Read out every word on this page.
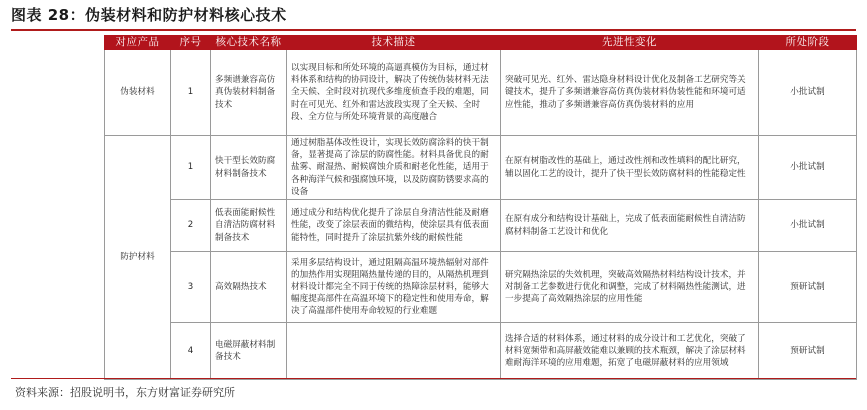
图表 28：伪装材料和防护材料核心技术
对应产品	序号	核心技术名称	技术描述	先进性变化	所处阶段
伪装材料	1	多频谱兼容高仿真伪装材料制备技术	以实现目标和所处环境的高逼真模仿为目标，通过材料体系和结构的协同设计，解决了传统伪装材料无法全天候、全时段对抗现代多维度侦查手段的难题，同时在可见光、红外和雷达波段实现了全天候、全时段、全方位与所处环境背景的高度融合	突破可见光、红外、雷达隐身材料设计优化及制备工艺研究等关键技术，提升了多频谱兼容高仿真伪装材料伪装性能和环境可适应性能，推动了多频谱兼容高仿真伪装材料的应用	小批试制
防护材料	1	快干型长效防腐材料制备技术	通过树脂基体改性设计，实现长效防腐涂料的快干制备，显著提高了涂层的防腐性能。材料具备优良的耐盐雾、耐湿热、耐候腐蚀介质和耐老化性能，适用于各种海洋气候和强腐蚀环境，以及防腐防锈要求高的设备	在原有树脂改性的基础上，通过改性剂和改性填料的配比研究，辅以固化工艺的设计，提升了快干型长效防腐材料的性能稳定性	小批试制
	2	低表面能耐候性自清洁防腐材料制备技术	通过成分和结构优化提升了涂层自身清洁性能及耐磨性能，改变了涂层表面的微结构，使涂层具有低表面能特性，同时提升了涂层抗紫外线的耐候性能	在原有成分和结构设计基础上，完成了低表面能耐候性自清洁防腐材料制备工艺设计和优化	小批试制
	3	高效隔热技术	采用多层结构设计，通过阻隔高温环境热辐射对部件的加热作用实现阻隔热量传递的目的，从隔热机理到材料设计都完全不同于传统的热障涂层材料，能够大幅度提高部件在高温环境下的稳定性和使用寿命，解决了高温部件使用寿命较短的行业难题	研究隔热涂层的失效机理，突破高效隔热材料结构设计技术，并对制备工艺参数进行优化和调整，完成了材料隔热性能测试，进一步提高了高效隔热涂层的应用性能	预研试制
	4	电磁屏蔽材料制备技术		选择合适的材料体系，通过材料的成分设计和工艺优化，突破了材料宽频带和高屏蔽效能难以兼顾的技术瓶颈，解决了涂层材料难耐海洋环境的应用难题，拓宽了电磁屏蔽材料的应用领域	预研试制
资料来源：招股说明书，东方财富证券研究所
